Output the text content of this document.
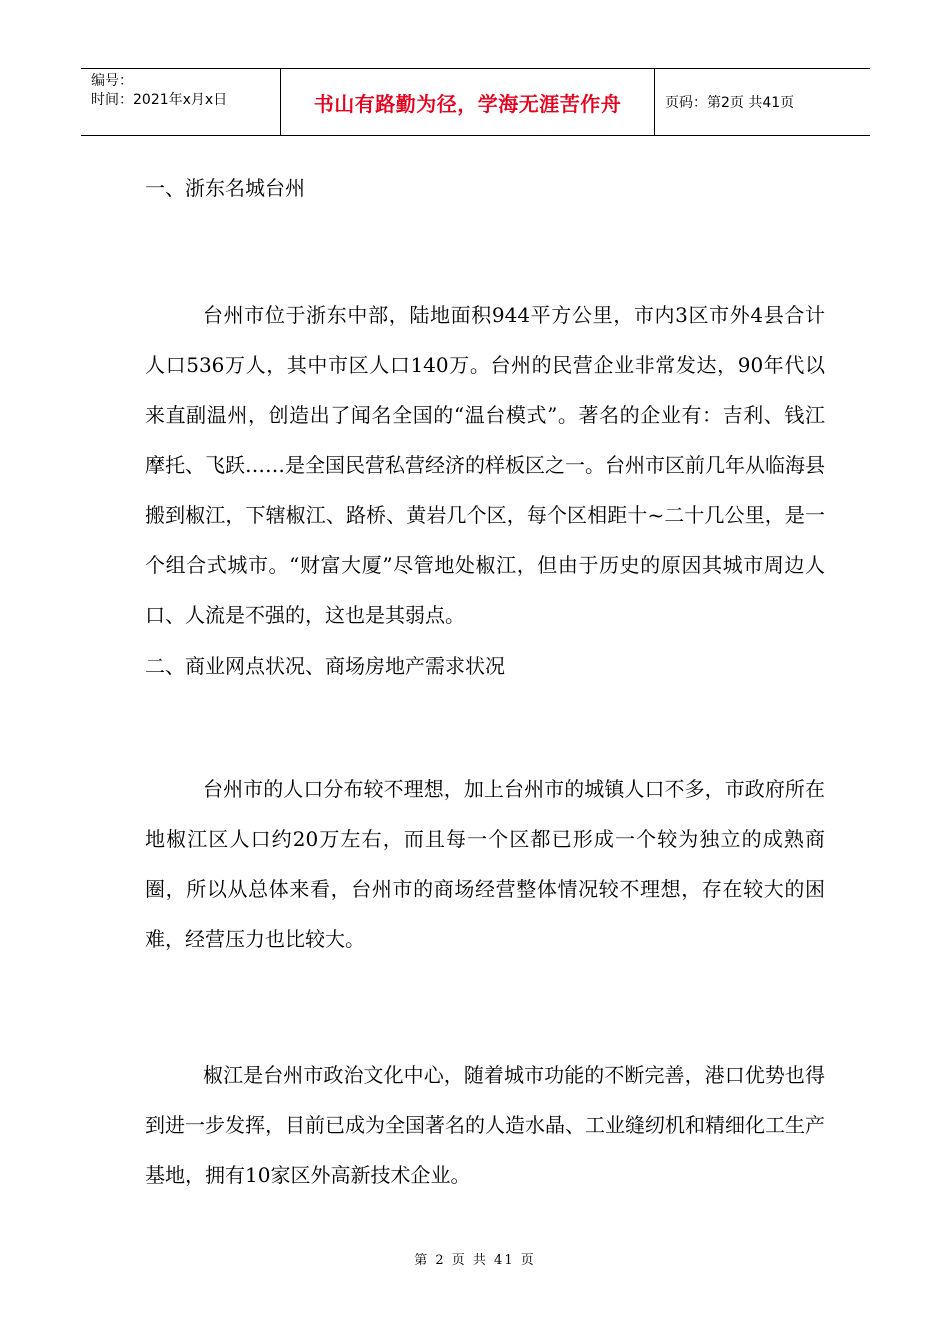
编号：
时间：2021年x月x日	书山有路勤为径，学海无涯苦作舟	页码：第2页 共41页

一、浙东名城台州

台州市位于浙东中部，陆地面积944平方公里，市内3区市外4县合计人口536万人，其中市区人口140万。台州的民营企业非常发达，90年代以来直副温州，创造出了闻名全国的“温台模式”。著名的企业有：吉利、钱江摩托、飞跃……是全国民营私营经济的样板区之一。台州市区前几年从临海县搬到椒江，下辖椒江、路桥、黄岩几个区，每个区相距十~二十几公里，是一个组合式城市。“财富大厦”尽管地处椒江，但由于历史的原因其城市周边人口、人流是不强的，这也是其弱点。

二、商业网点状况、商场房地产需求状况

台州市的人口分布较不理想，加上台州市的城镇人口不多，市政府所在地椒江区人口约20万左右，而且每一个区都已形成一个较为独立的成熟商圈，所以从总体来看，台州市的商场经营整体情况较不理想，存在较大的困难，经营压力也比较大。

椒江是台州市政治文化中心，随着城市功能的不断完善，港口优势也得到进一步发挥，目前已成为全国著名的人造水晶、工业缝纫机和精细化工生产基地，拥有10家区外高新技术企业。

第 2 页 共 41 页
